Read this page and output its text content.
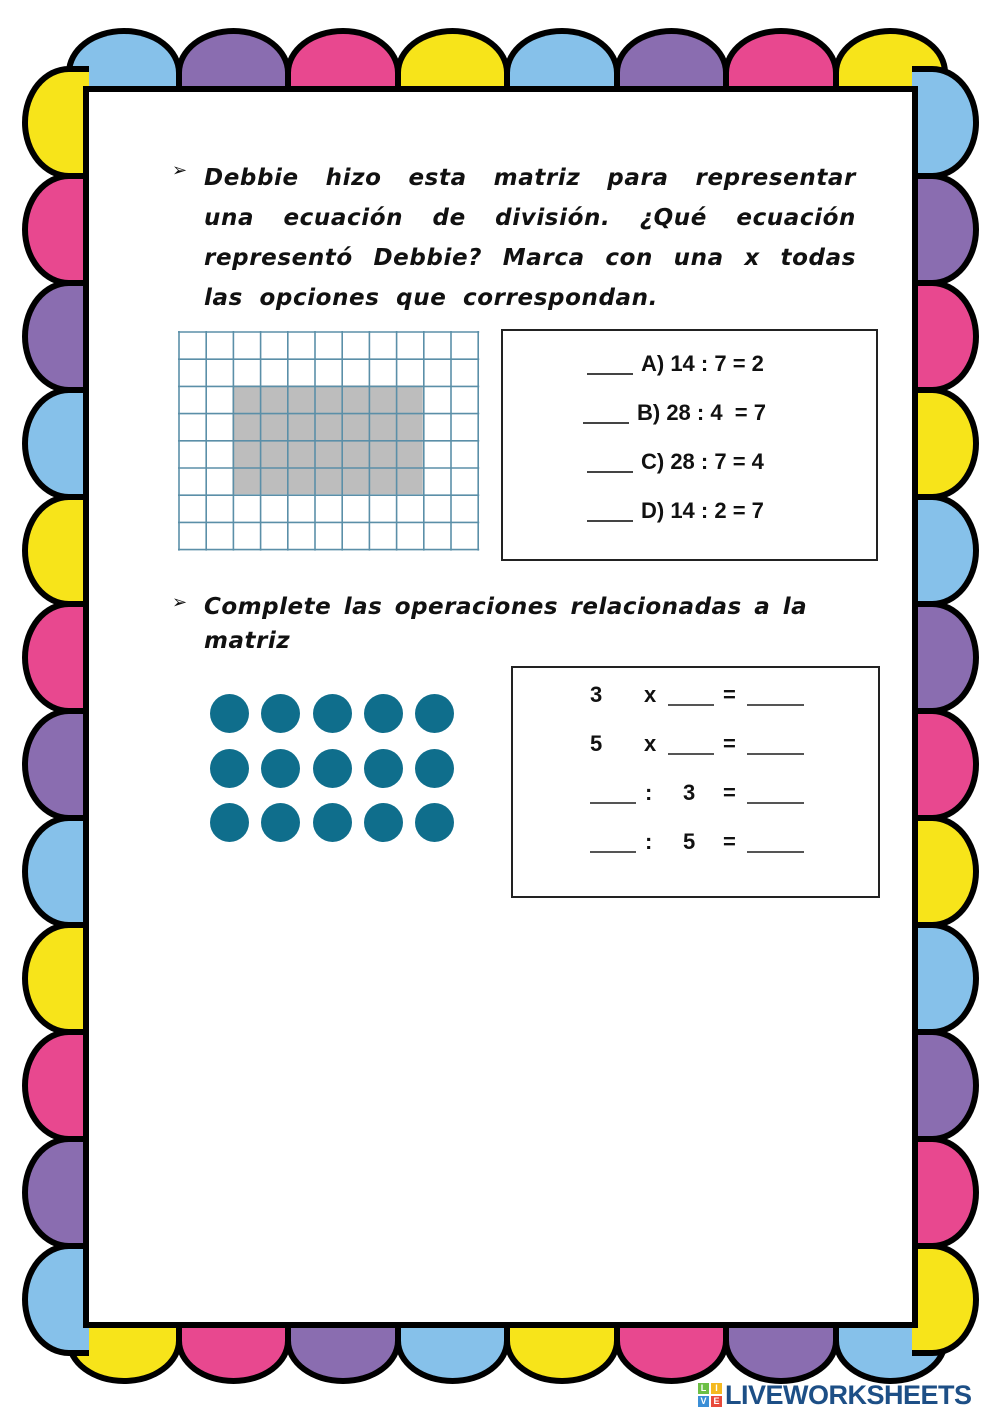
➢ Debbie hizo esta matriz para representar una ecuación de división. ¿Qué ecuación representó Debbie? Marca con una x todas las opciones que correspondan.
A) 14 : 7 = 2
B) 28 : 4  = 7
C) 28 : 7 = 4
D) 14 : 2 = 7
➢ Complete las operaciones relacionadas a la matriz
3 x	=
5 x	=
: 3 =
: 5 =
L I
V E LIVEWORKSHEETS
